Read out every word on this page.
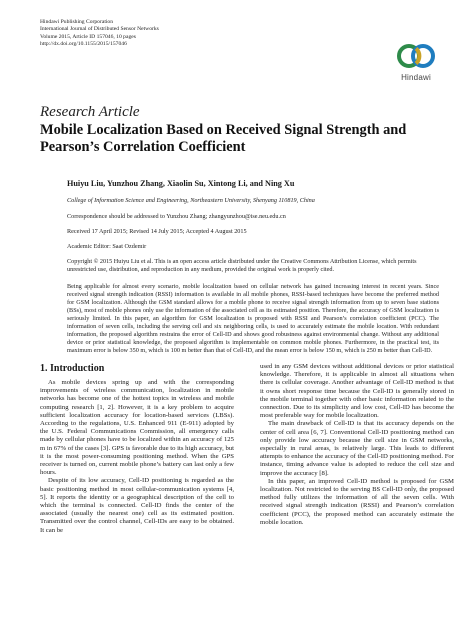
Hindawi Publishing Corporation
International Journal of Distributed Sensor Networks
Volume 2015, Article ID 157046, 10 pages
http://dx.doi.org/10.1155/2015/157046
Hindawi
Research Article
Mobile Localization Based on Received Signal Strength and Pearson’s Correlation Coefficient
Huiyu Liu, Yunzhou Zhang, Xiaolin Su, Xintong Li, and Ning Xu
College of Information Science and Engineering, Northeastern University, Shenyang 110819, China
Correspondence should be addressed to Yunzhou Zhang; zhangyunzhou@ise.neu.edu.cn
Received 17 April 2015; Revised 14 July 2015; Accepted 4 August 2015
Academic Editor: Saat Ozdemir
Copyright © 2015 Huiyu Liu et al. This is an open access article distributed under the Creative Commons Attribution License, which permits unrestricted use, distribution, and reproduction in any medium, provided the original work is properly cited.
Being applicable for almost every scenario, mobile localization based on cellular network has gained increasing interest in recent years. Since received signal strength indication (RSSI) information is available in all mobile phones, RSSI-based techniques have become the preferred method for GSM localization. Although the GSM standard allows for a mobile phone to receive signal strength information from up to seven base stations (BSs), most of mobile phones only use the information of the associated cell as its estimated position. Therefore, the accuracy of GSM localization is seriously limited. In this paper, an algorithm for GSM localization is proposed with RSSI and Pearson’s correlation coefficient (PCC). The information of seven cells, including the serving cell and six neighboring cells, is used to accurately estimate the mobile location. With redundant information, the proposed algorithm restrains the error of Cell-ID and shows good robustness against environmental change. Without any additional device or prior statistical knowledge, the proposed algorithm is implementable on common mobile phones. Furthermore, in the practical test, its maximum error is below 350 m, which is 100 m better than that of Cell-ID, and the mean error is below 150 m, which is 250 m better than Cell-ID.
1. Introduction

As mobile devices spring up and with the corresponding improvements of wireless communication, localization in mobile networks has become one of the hottest topics in wireless and mobile computing research [1, 2]. However, it is a key problem to acquire sufficient localization accuracy for location-based services (LBSs). According to the regulations, U.S. Enhanced 911 (E-911) adopted by the U.S. Federal Communications Commission, all emergency calls made by cellular phones have to be localized within an accuracy of 125 m in 67% of the cases [3]. GPS is favorable due to its high accuracy, but it is the most power-consuming positioning method. When the GPS receiver is turned on, current mobile phone’s battery can last only a few hours.

Despite of its low accuracy, Cell-ID positioning is regarded as the basic positioning method in most cellular-communication systems [4, 5]. It reports the identity or a geographical description of the cell to which the terminal is connected. Cell-ID finds the center of the associated (usually the nearest one) cell as its estimated position. Transmitted over the control channel, Cell-IDs are easy to be obtained. It can be

used in any GSM devices without additional devices or prior statistical knowledge. Therefore, it is applicable in almost all situations when there is cellular coverage. Another advantage of Cell-ID method is that it owns short response time because the Cell-ID is generally stored in the mobile terminal together with other basic information related to the connection. Due to its simplicity and low cost, Cell-ID has become the most preferable way for mobile localization.

The main drawback of Cell-ID is that its accuracy depends on the center of cell area [6, 7]. Conventional Cell-ID positioning method can only provide low accuracy because the cell size in GSM networks, especially in rural areas, is relatively large. This leads to different attempts to enhance the accuracy of the Cell-ID positioning method. For instance, timing advance value is adopted to reduce the cell size and improve the accuracy [8].

In this paper, an improved Cell-ID method is proposed for GSM localization. Not restricted to the serving BS Cell-ID only, the proposed method fully utilizes the information of all the seven cells. With received signal strength indication (RSSI) and Pearson’s correlation coefficient (PCC), the proposed method can accurately estimate the mobile location.
